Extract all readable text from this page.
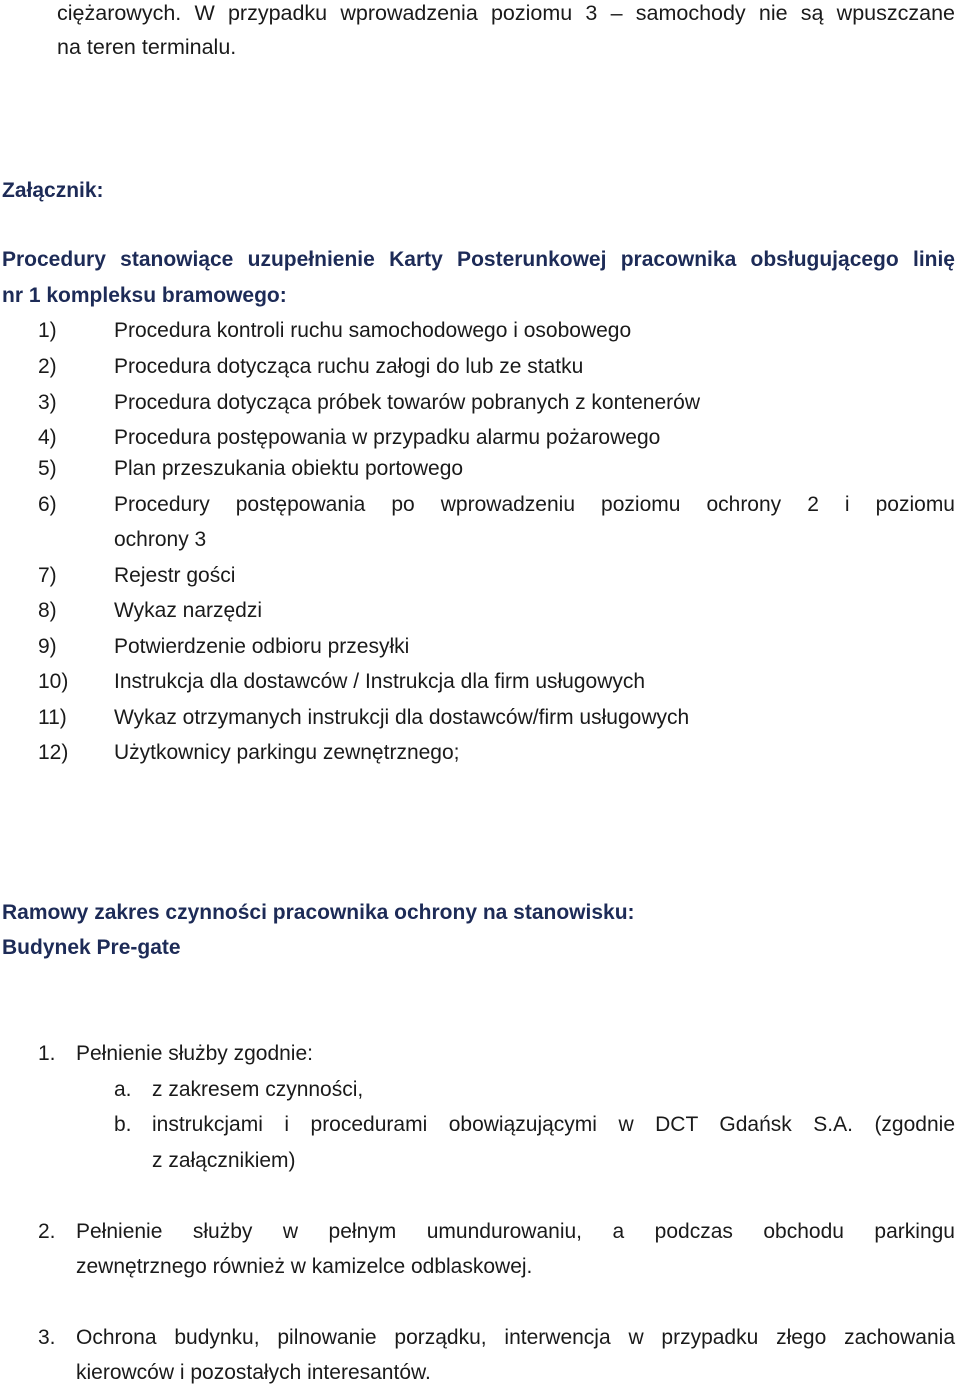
ciężarowych. W przypadku wprowadzenia poziomu 3 – samochody nie są wpuszczane
na teren terminalu.
Załącznik:
Procedury stanowiące uzupełnienie Karty Posterunkowej pracownika obsługującego linię
nr 1 kompleksu bramowego:
1)	Procedura kontroli ruchu samochodowego i osobowego
2)	Procedura dotycząca ruchu załogi do lub ze statku
3)	Procedura dotycząca próbek towarów pobranych z kontenerów
4)	Procedura postępowania w przypadku alarmu pożarowego
5)	Plan przeszukania obiektu portowego
6)	Procedury postępowania po wprowadzeniu poziomu ochrony 2 i poziomu
ochrony 3
7)	Rejestr gości
8)	Wykaz narzędzi
9)	Potwierdzenie odbioru przesyłki
10) Instrukcja dla dostawców / Instrukcja dla firm usługowych
11) Wykaz otrzymanych instrukcji dla dostawców/firm usługowych
12) Użytkownicy parkingu zewnętrznego;
Ramowy zakres czynności pracownika ochrony na stanowisku:
Budynek Pre-gate
1. Pełnienie służby zgodnie:
a. z zakresem czynności,
b. instrukcjami i procedurami obowiązującymi w DCT Gdańsk S.A. (zgodnie
z załącznikiem)
2. Pełnienie służby w pełnym umundurowaniu, a podczas obchodu parkingu
zewnętrznego również w kamizelce odblaskowej.
3. Ochrona budynku, pilnowanie porządku, interwencja w przypadku złego zachowania
kierowców i pozostałych interesantów.
